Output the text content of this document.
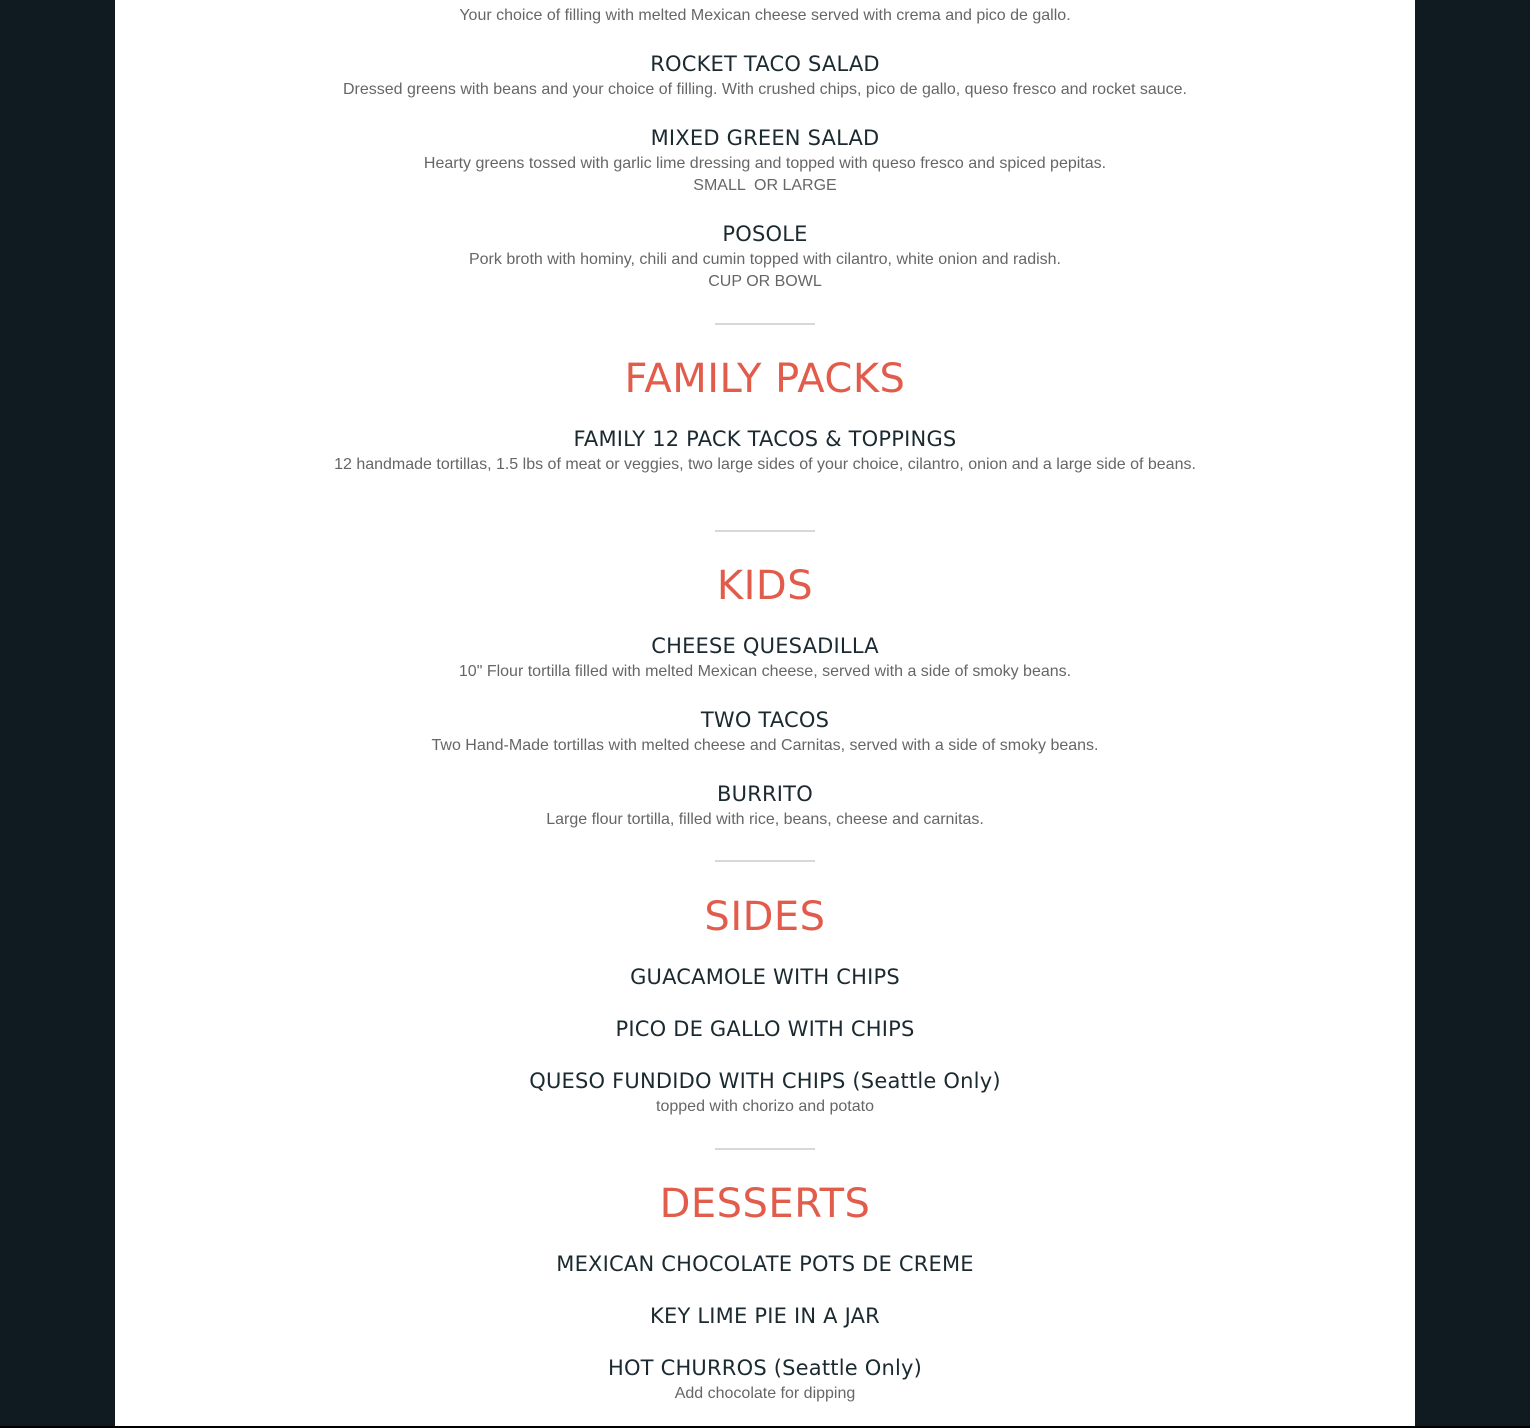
Your choice of filling with melted Mexican cheese served with crema and pico de gallo.
ROCKET TACO SALAD
Dressed greens with beans and your choice of filling. With crushed chips, pico de gallo, queso fresco and rocket sauce.
MIXED GREEN SALAD
Hearty greens tossed with garlic lime dressing and topped with queso fresco and spiced pepitas.
SMALL  OR LARGE
POSOLE
Pork broth with hominy, chili and cumin topped with cilantro, white onion and radish.
CUP OR BOWL
FAMILY PACKS
FAMILY 12 PACK TACOS & TOPPINGS
12 handmade tortillas, 1.5 lbs of meat or veggies, two large sides of your choice, cilantro, onion and a large side of beans.
KIDS
CHEESE QUESADILLA
10" Flour tortilla filled with melted Mexican cheese, served with a side of smoky beans.
TWO TACOS
Two Hand-Made tortillas with melted cheese and Carnitas, served with a side of smoky beans.
BURRITO
Large flour tortilla, filled with rice, beans, cheese and carnitas.
SIDES
GUACAMOLE WITH CHIPS
PICO DE GALLO WITH CHIPS
QUESO FUNDIDO WITH CHIPS (Seattle Only)
topped with chorizo and potato
DESSERTS
MEXICAN CHOCOLATE POTS DE CREME
KEY LIME PIE IN A JAR
HOT CHURROS (Seattle Only)
Add chocolate for dipping
